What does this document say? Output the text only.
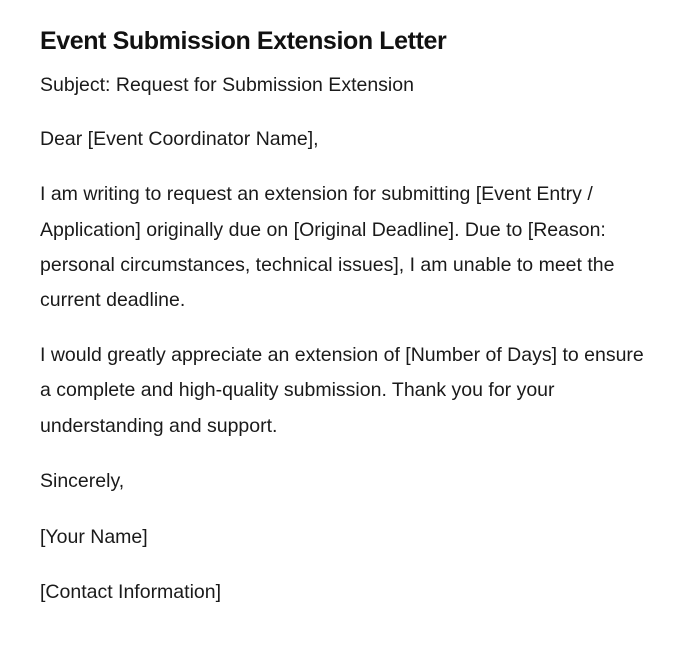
Event Submission Extension Letter

Subject: Request for Submission Extension

Dear [Event Coordinator Name],

I am writing to request an extension for submitting [Event Entry / Application] originally due on [Original Deadline]. Due to [Reason: personal circumstances, technical issues], I am unable to meet the current deadline.

I would greatly appreciate an extension of [Number of Days] to ensure a complete and high-quality submission. Thank you for your understanding and support.

Sincerely,

[Your Name]

[Contact Information]
